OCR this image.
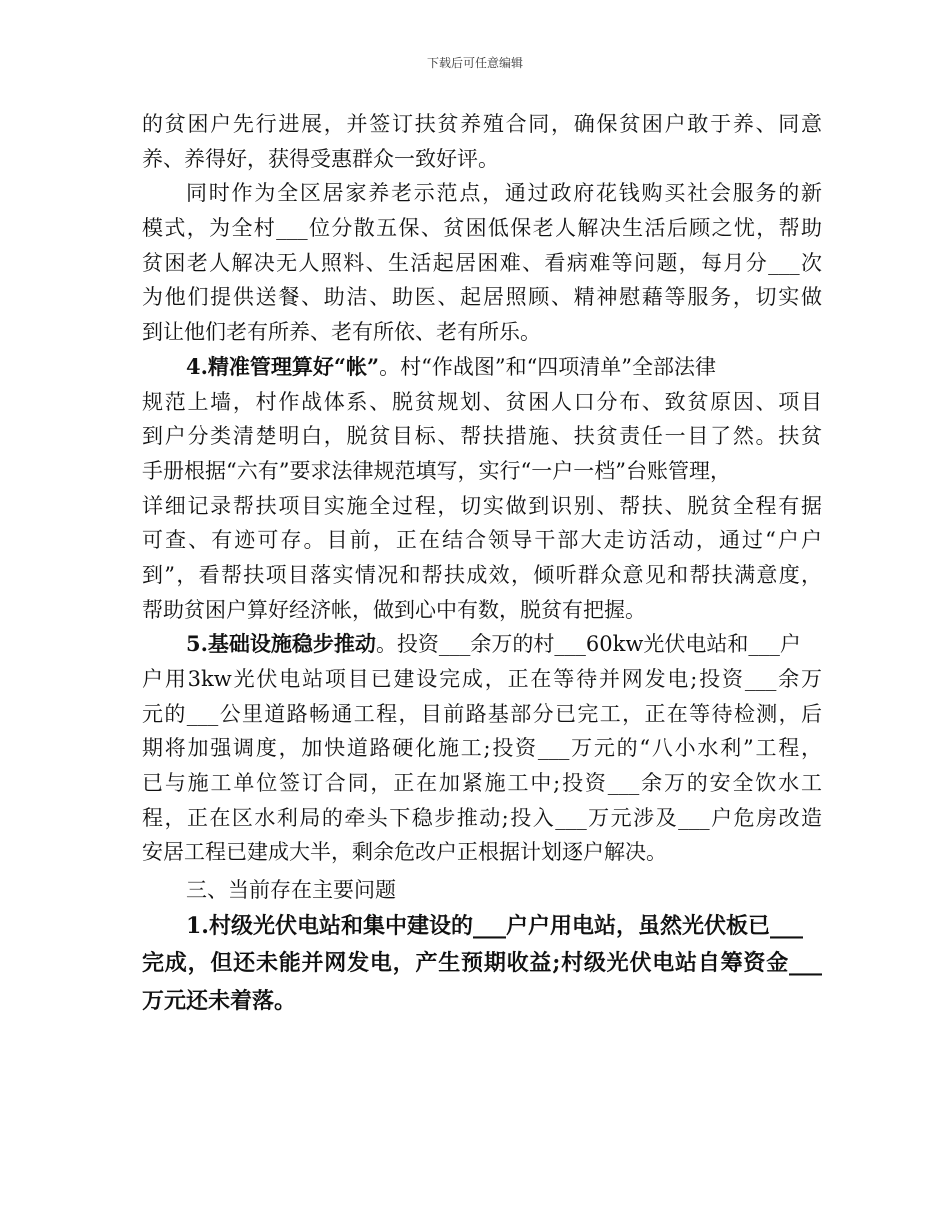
下载后可任意编辑
的贫困户先行进展，并签订扶贫养殖合同，确保贫困户敢于养、同意
养、养得好，获得受惠群众一致好评。
同时作为全区居家养老示范点，通过政府花钱购买社会服务的新
模式，为全村___位分散五保、贫困低保老人解决生活后顾之忧，帮助
贫困老人解决无人照料、生活起居困难、看病难等问题，每月分___次
为他们提供送餐、助洁、助医、起居照顾、精神慰藉等服务，切实做
到让他们老有所养、老有所依、老有所乐。
4.精准管理算好“帐”。村“作战图”和“四项清单”全部法律
规范上墙，村作战体系、脱贫规划、贫困人口分布、致贫原因、项目
到户分类清楚明白，脱贫目标、帮扶措施、扶贫责任一目了然。扶贫
手册根据“六有”要求法律规范填写，实行“一户一档”台账管理，
详细记录帮扶项目实施全过程，切实做到识别、帮扶、脱贫全程有据
可查、有迹可存。目前，正在结合领导干部大走访活动，通过“户户
到”，看帮扶项目落实情况和帮扶成效，倾听群众意见和帮扶满意度，
帮助贫困户算好经济帐，做到心中有数，脱贫有把握。
5.基础设施稳步推动。投资___余万的村___60kw光伏电站和___户
户用3kw光伏电站项目已建设完成，正在等待并网发电;投资___余万
元的___公里道路畅通工程，目前路基部分已完工，正在等待检测，后
期将加强调度，加快道路硬化施工;投资___万元的“八小水利”工程，
已与施工单位签订合同，正在加紧施工中;投资___余万的安全饮水工
程，正在区水利局的牵头下稳步推动;投入___万元涉及___户危房改造
安居工程已建成大半，剩余危改户正根据计划逐户解决。
三、当前存在主要问题
1.村级光伏电站和集中建设的___户户用电站，虽然光伏板已___
完成，但还未能并网发电，产生预期收益;村级光伏电站自筹资金___
万元还未着落。
